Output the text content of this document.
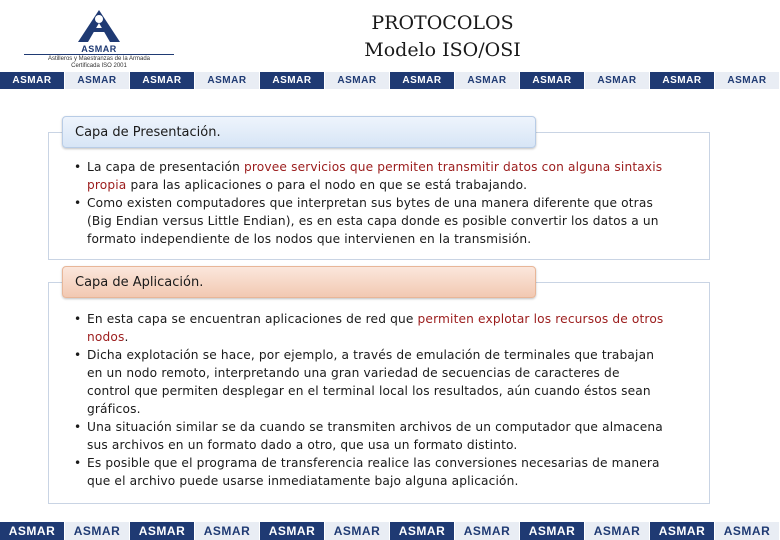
ASMAR
Astilleros y Maestranzas de la Armada
Certificada ISO 2001
PROTOCOLOS
Modelo ISO/OSI
ASMAR	ASMAR	ASMAR	ASMAR	ASMAR	ASMAR	ASMAR	ASMAR	ASMAR	ASMAR	ASMAR	ASMAR
Capa de Presentación.
• La capa de presentación provee servicios que permiten transmitir datos con alguna sintaxis propia para las aplicaciones o para el nodo en que se está trabajando.
• Como existen computadores que interpretan sus bytes de una manera diferente que otras (Big Endian versus Little Endian), es en esta capa donde es posible convertir los datos a un formato independiente de los nodos que intervienen en la transmisión.
Capa de Aplicación.
• En esta capa se encuentran aplicaciones de red que permiten explotar los recursos de otros nodos.
• Dicha explotación se hace, por ejemplo, a través de emulación de terminales que trabajan en un nodo remoto, interpretando una gran variedad de secuencias de caracteres de control que permiten desplegar en el terminal local los resultados, aún cuando éstos sean gráficos.
• Una situación similar se da cuando se transmiten archivos de un computador que almacena sus archivos en un formato dado a otro, que usa un formato distinto.
• Es posible que el programa de transferencia realice las conversiones necesarias de manera que el archivo puede usarse inmediatamente bajo alguna aplicación.
ASMAR	ASMAR	ASMAR	ASMAR	ASMAR	ASMAR	ASMAR	ASMAR	ASMAR	ASMAR	ASMAR	ASMAR
